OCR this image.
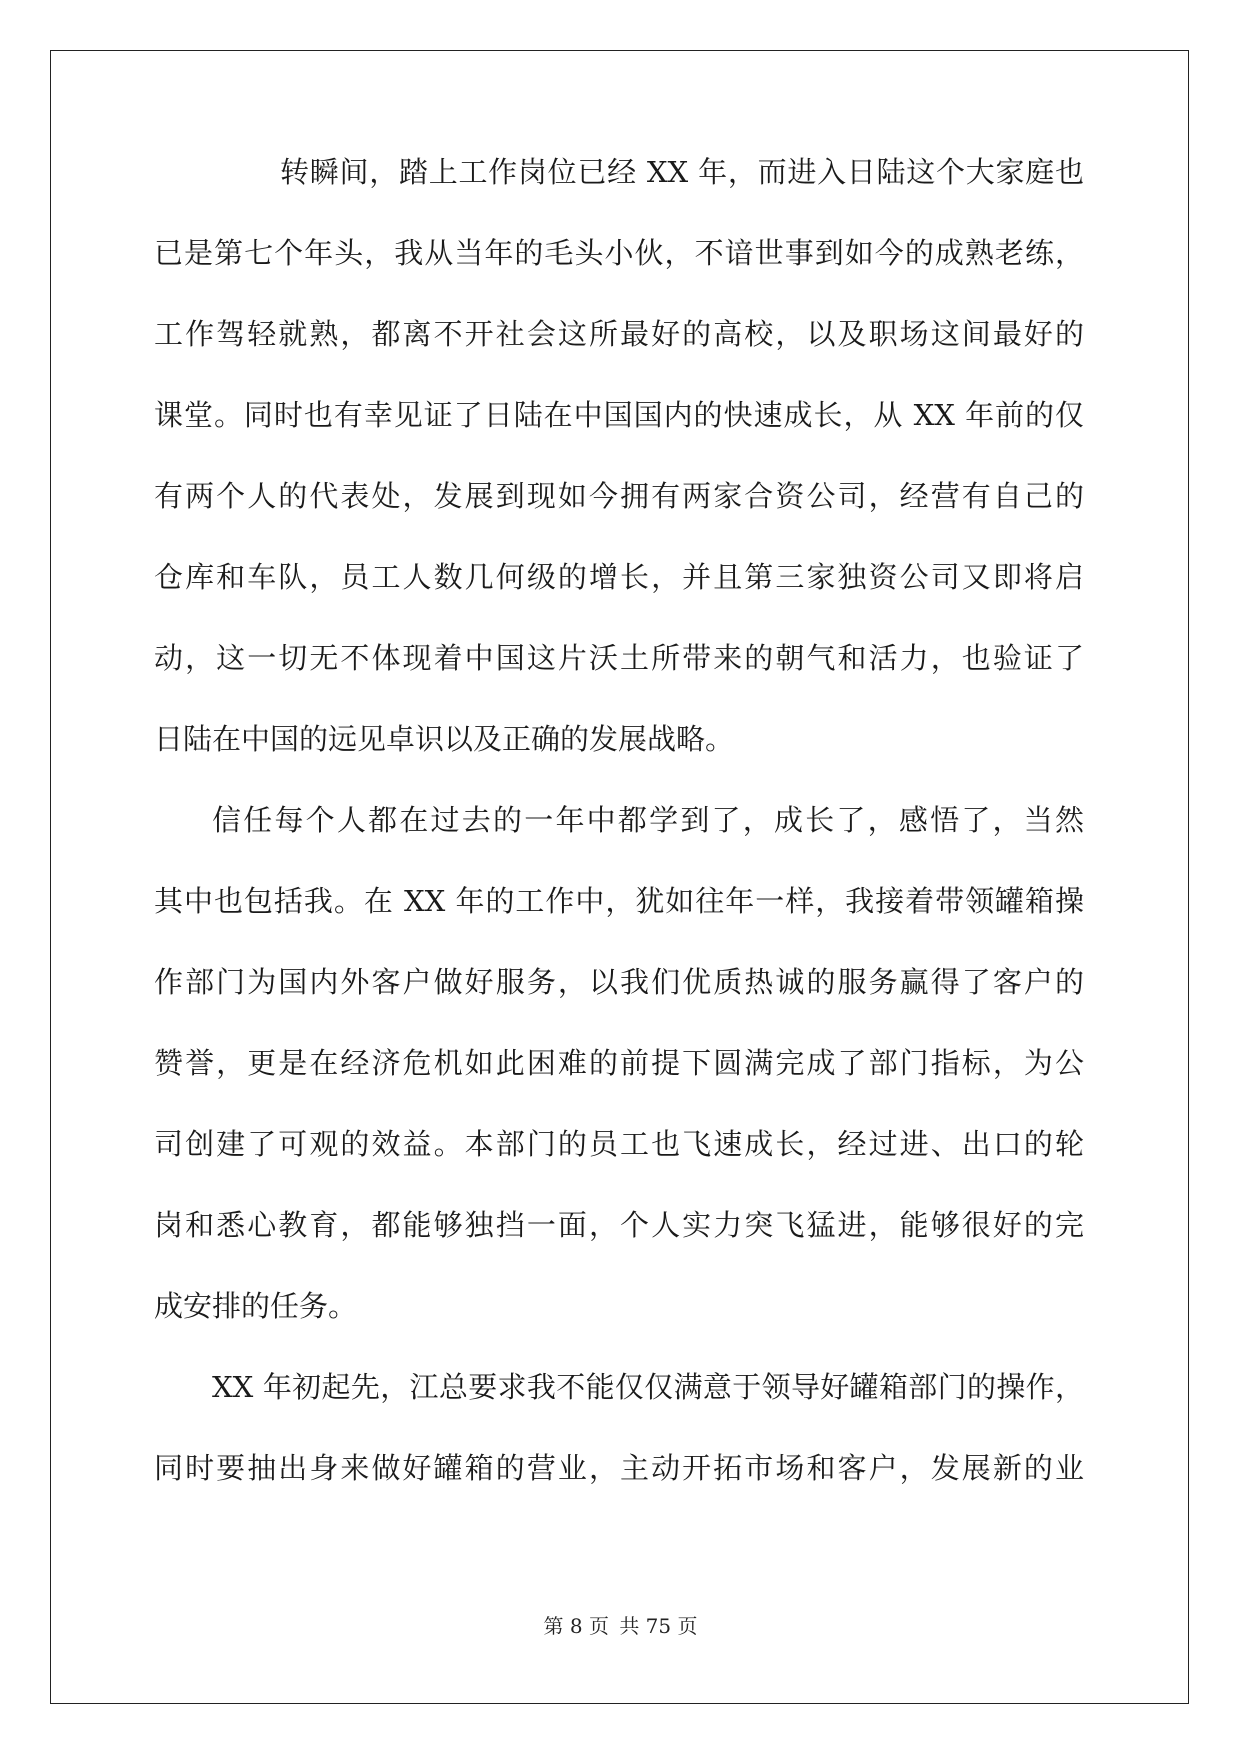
转瞬间，踏上工作岗位已经 XX 年，而进入日陆这个大家庭也
已是第七个年头，我从当年的毛头小伙，不谙世事到如今的成熟老练，
工作驾轻就熟，都离不开社会这所最好的高校，以及职场这间最好的
课堂。同时也有幸见证了日陆在中国国内的快速成长，从 XX 年前的仅
有两个人的代表处，发展到现如今拥有两家合资公司，经营有自己的
仓库和车队，员工人数几何级的增长，并且第三家独资公司又即将启
动，这一切无不体现着中国这片沃土所带来的朝气和活力，也验证了
日陆在中国的远见卓识以及正确的发展战略。
信任每个人都在过去的一年中都学到了，成长了，感悟了，当然
其中也包括我。在 XX 年的工作中，犹如往年一样，我接着带领罐箱操
作部门为国内外客户做好服务，以我们优质热诚的服务赢得了客户的
赞誉，更是在经济危机如此困难的前提下圆满完成了部门指标，为公
司创建了可观的效益。本部门的员工也飞速成长，经过进、出口的轮
岗和悉心教育，都能够独挡一面，个人实力突飞猛进，能够很好的完
成安排的任务。
XX 年初起先，江总要求我不能仅仅满意于领导好罐箱部门的操作，
同时要抽出身来做好罐箱的营业，主动开拓市场和客户，发展新的业
第 8 页 共 75 页
